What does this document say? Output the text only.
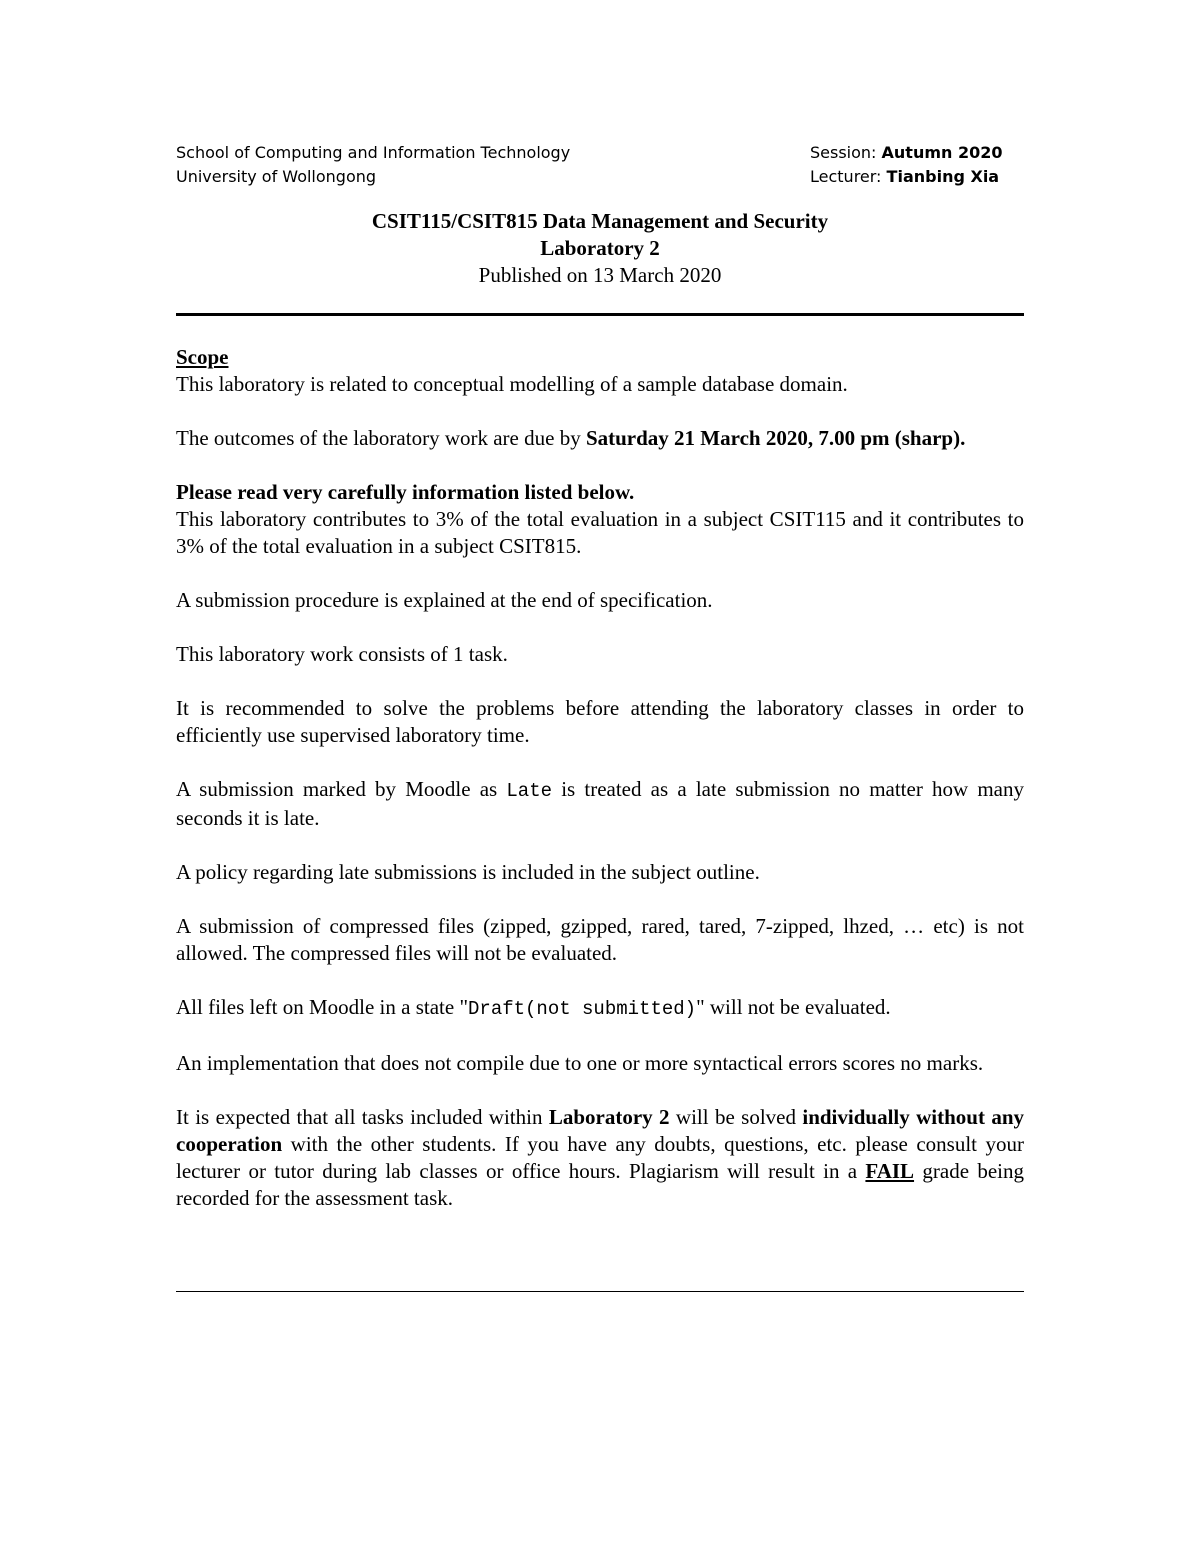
School of Computing and Information Technology
University of Wollongong
Session: Autumn 2020
Lecturer: Tianbing Xia
CSIT115/CSIT815 Data Management and Security
Laboratory 2
Published on 13 March 2020

Scope
This laboratory is related to conceptual modelling of a sample database domain.

The outcomes of the laboratory work are due by Saturday 21 March 2020, 7.00 pm (sharp).

Please read very carefully information listed below.
This laboratory contributes to 3% of the total evaluation in a subject CSIT115 and it contributes to 3% of the total evaluation in a subject CSIT815.

A submission procedure is explained at the end of specification.

This laboratory work consists of 1 task.

It is recommended to solve the problems before attending the laboratory classes in order to efficiently use supervised laboratory time.

A submission marked by Moodle as Late is treated as a late submission no matter how many seconds it is late.

A policy regarding late submissions is included in the subject outline.

A submission of compressed files (zipped, gzipped, rared, tared, 7-zipped, lhzed, … etc) is not allowed. The compressed files will not be evaluated.

All files left on Moodle in a state "Draft(not submitted)" will not be evaluated.

An implementation that does not compile due to one or more syntactical errors scores no marks.

It is expected that all tasks included within Laboratory 2 will be solved individually without any cooperation with the other students. If you have any doubts, questions, etc. please consult your lecturer or tutor during lab classes or office hours. Plagiarism will result in a FAIL grade being recorded for the assessment task.
